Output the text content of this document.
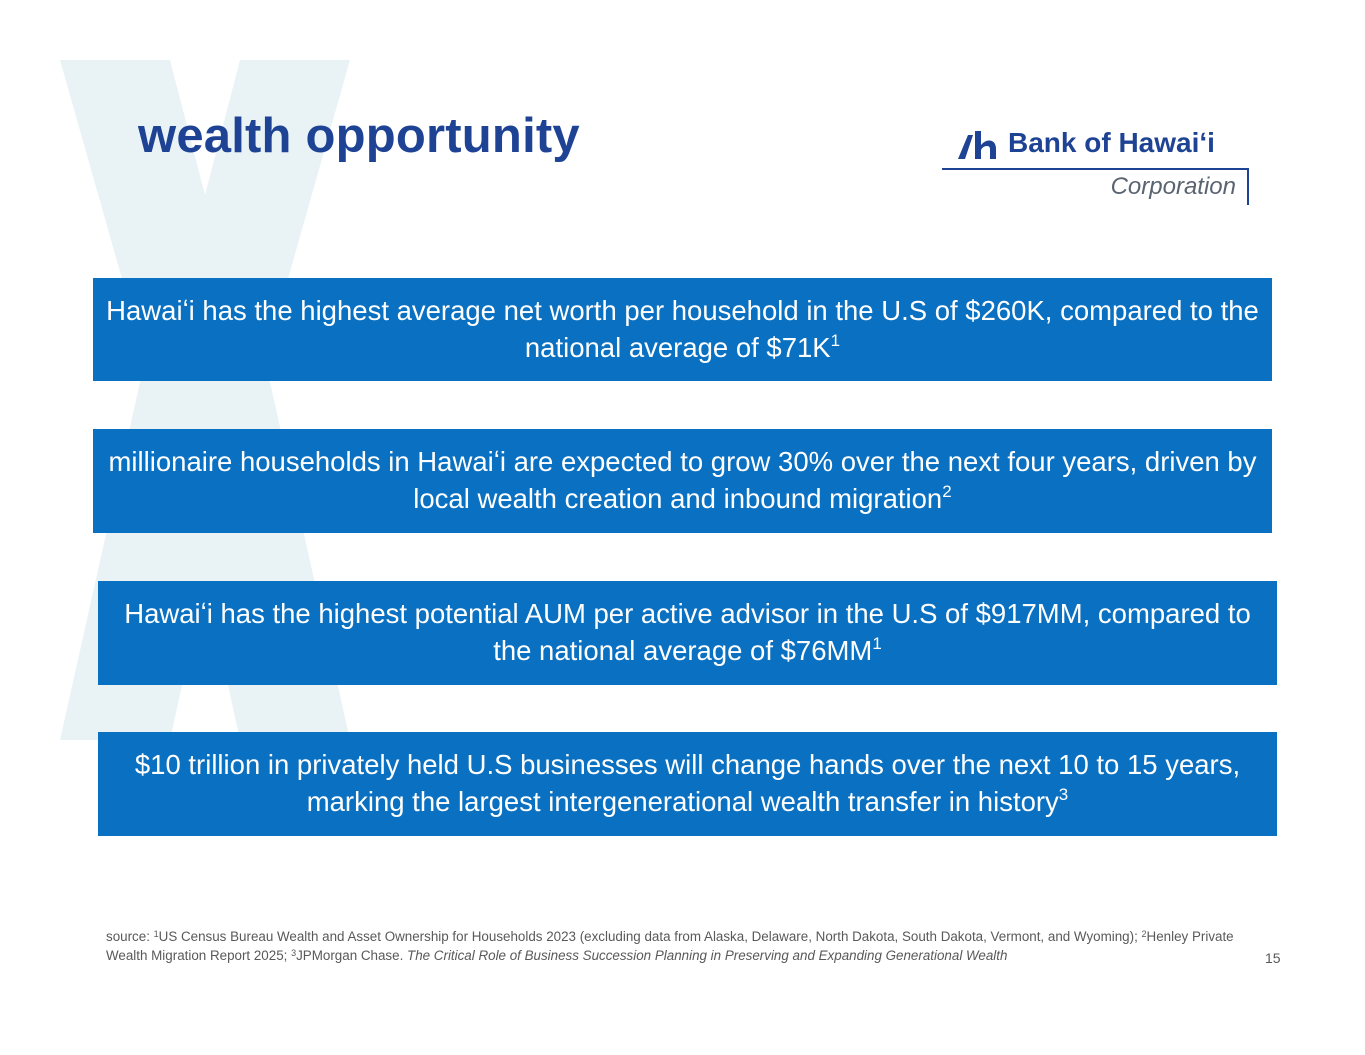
wealth opportunity	Bank of Hawaiʻi
Corporation
Hawaiʻi has the highest average net worth per household in the U.S of $260K, compared to the national average of $\$71K^1$
millionaire households in Hawaiʻi are expected to grow 30% over the next four years, driven by local wealth creation and inbound migration$^2$
Hawaiʻi has the highest potential AUM per active advisor in the U.S of $917MM, compared to the national average of $\$76MM^1$
$10 trillion in privately held U.S businesses will change hands over the next 10 to 15 years, marking the largest intergenerational wealth transfer in history$^3$
source: $^1$US Census Bureau Wealth and Asset Ownership for Households 2023 (excluding data from Alaska, Delaware, North Dakota, South Dakota, Vermont, and Wyoming); $^2$Henley Private Wealth Migration Report 2025; $^3$JPMorgan Chase. The Critical Role of Business Succession Planning in Preserving and Expanding Generational Wealth	15
